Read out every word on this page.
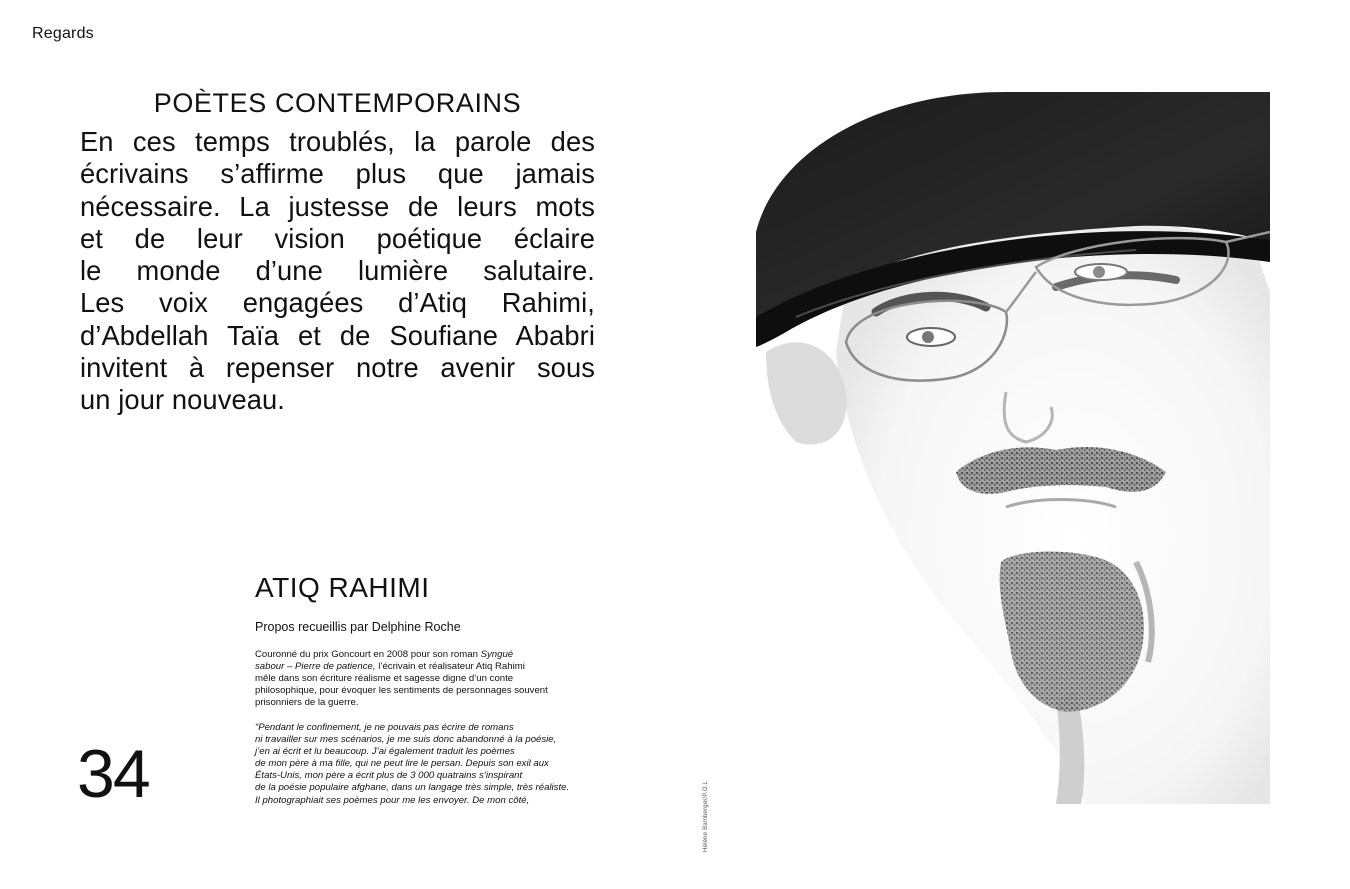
Regards
POÈTES CONTEMPORAINS
En ces temps troublés, la parole des
écrivains s’affirme plus que jamais
nécessaire. La justesse de leurs mots
et de leur vision poétique éclaire
le monde d’une lumière salutaire.
Les voix engagées d’Atiq Rahimi,
d’Abdellah Taïa et de Soufiane Ababri
invitent à repenser notre avenir sous
un jour nouveau.
34
ATIQ RAHIMI
Propos recueillis par Delphine Roche
Couronné du prix Goncourt en 2008 pour son roman Syngué
sabour – Pierre de patience, l’écrivain et réalisateur Atiq Rahimi
mêle dans son écriture réalisme et sagesse digne d’un conte
philosophique, pour évoquer les sentiments de personnages souvent
prisonniers de la guerre.
“Pendant le confinement, je ne pouvais pas écrire de romans
ni travailler sur mes scénarios, je me suis donc abandonné à la poésie,
j’en ai écrit et lu beaucoup. J’ai également traduit les poèmes
de mon père à ma fille, qui ne peut lire le persan. Depuis son exil aux
États-Unis, mon père a écrit plus de 3 000 quatrains s’inspirant
de la poésie populaire afghane, dans un langage très simple, très réaliste.
Il photographiait ses poèmes pour me les envoyer. De mon côté,	Hélène Bamberger/P.O.L
